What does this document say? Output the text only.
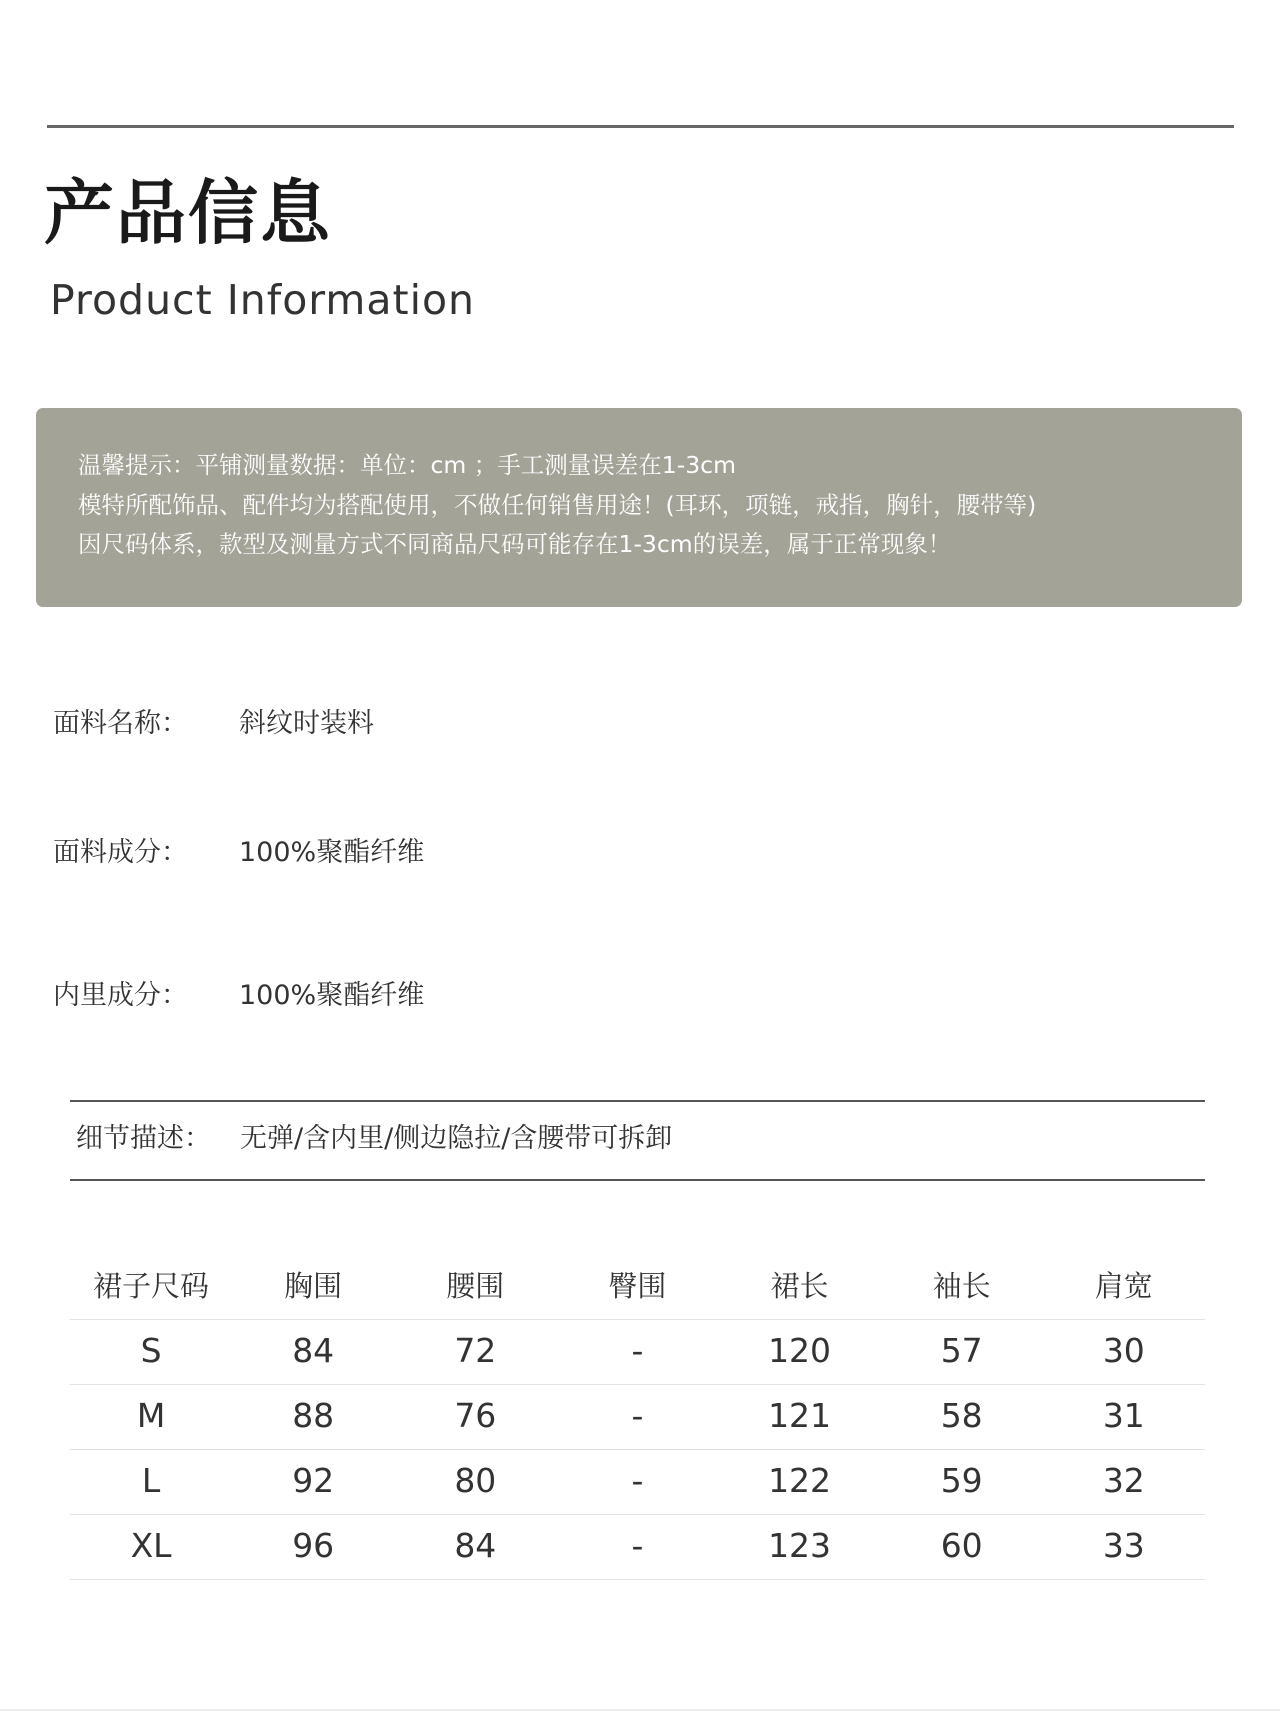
产品信息
Product Information
温馨提示：平铺测量数据：单位：cm ；手工测量误差在1-3cm
模特所配饰品、配件均为搭配使用，不做任何销售用途！(耳环，项链，戒指，胸针，腰带等)
因尺码体系，款型及测量方式不同商品尺码可能存在1-3cm的误差，属于正常现象！
面料名称： 斜纹时装料
面料成分： 100%聚酯纤维
内里成分： 100%聚酯纤维
细节描述： 无弹/含内里/侧边隐拉/含腰带可拆卸
裙子尺码	胸围	腰围	臀围	裙长	袖长	肩宽
S	84	72	-	120	57	30
M	88	76	-	121	58	31
L	92	80	-	122	59	32
XL	96	84	-	123	60	33
